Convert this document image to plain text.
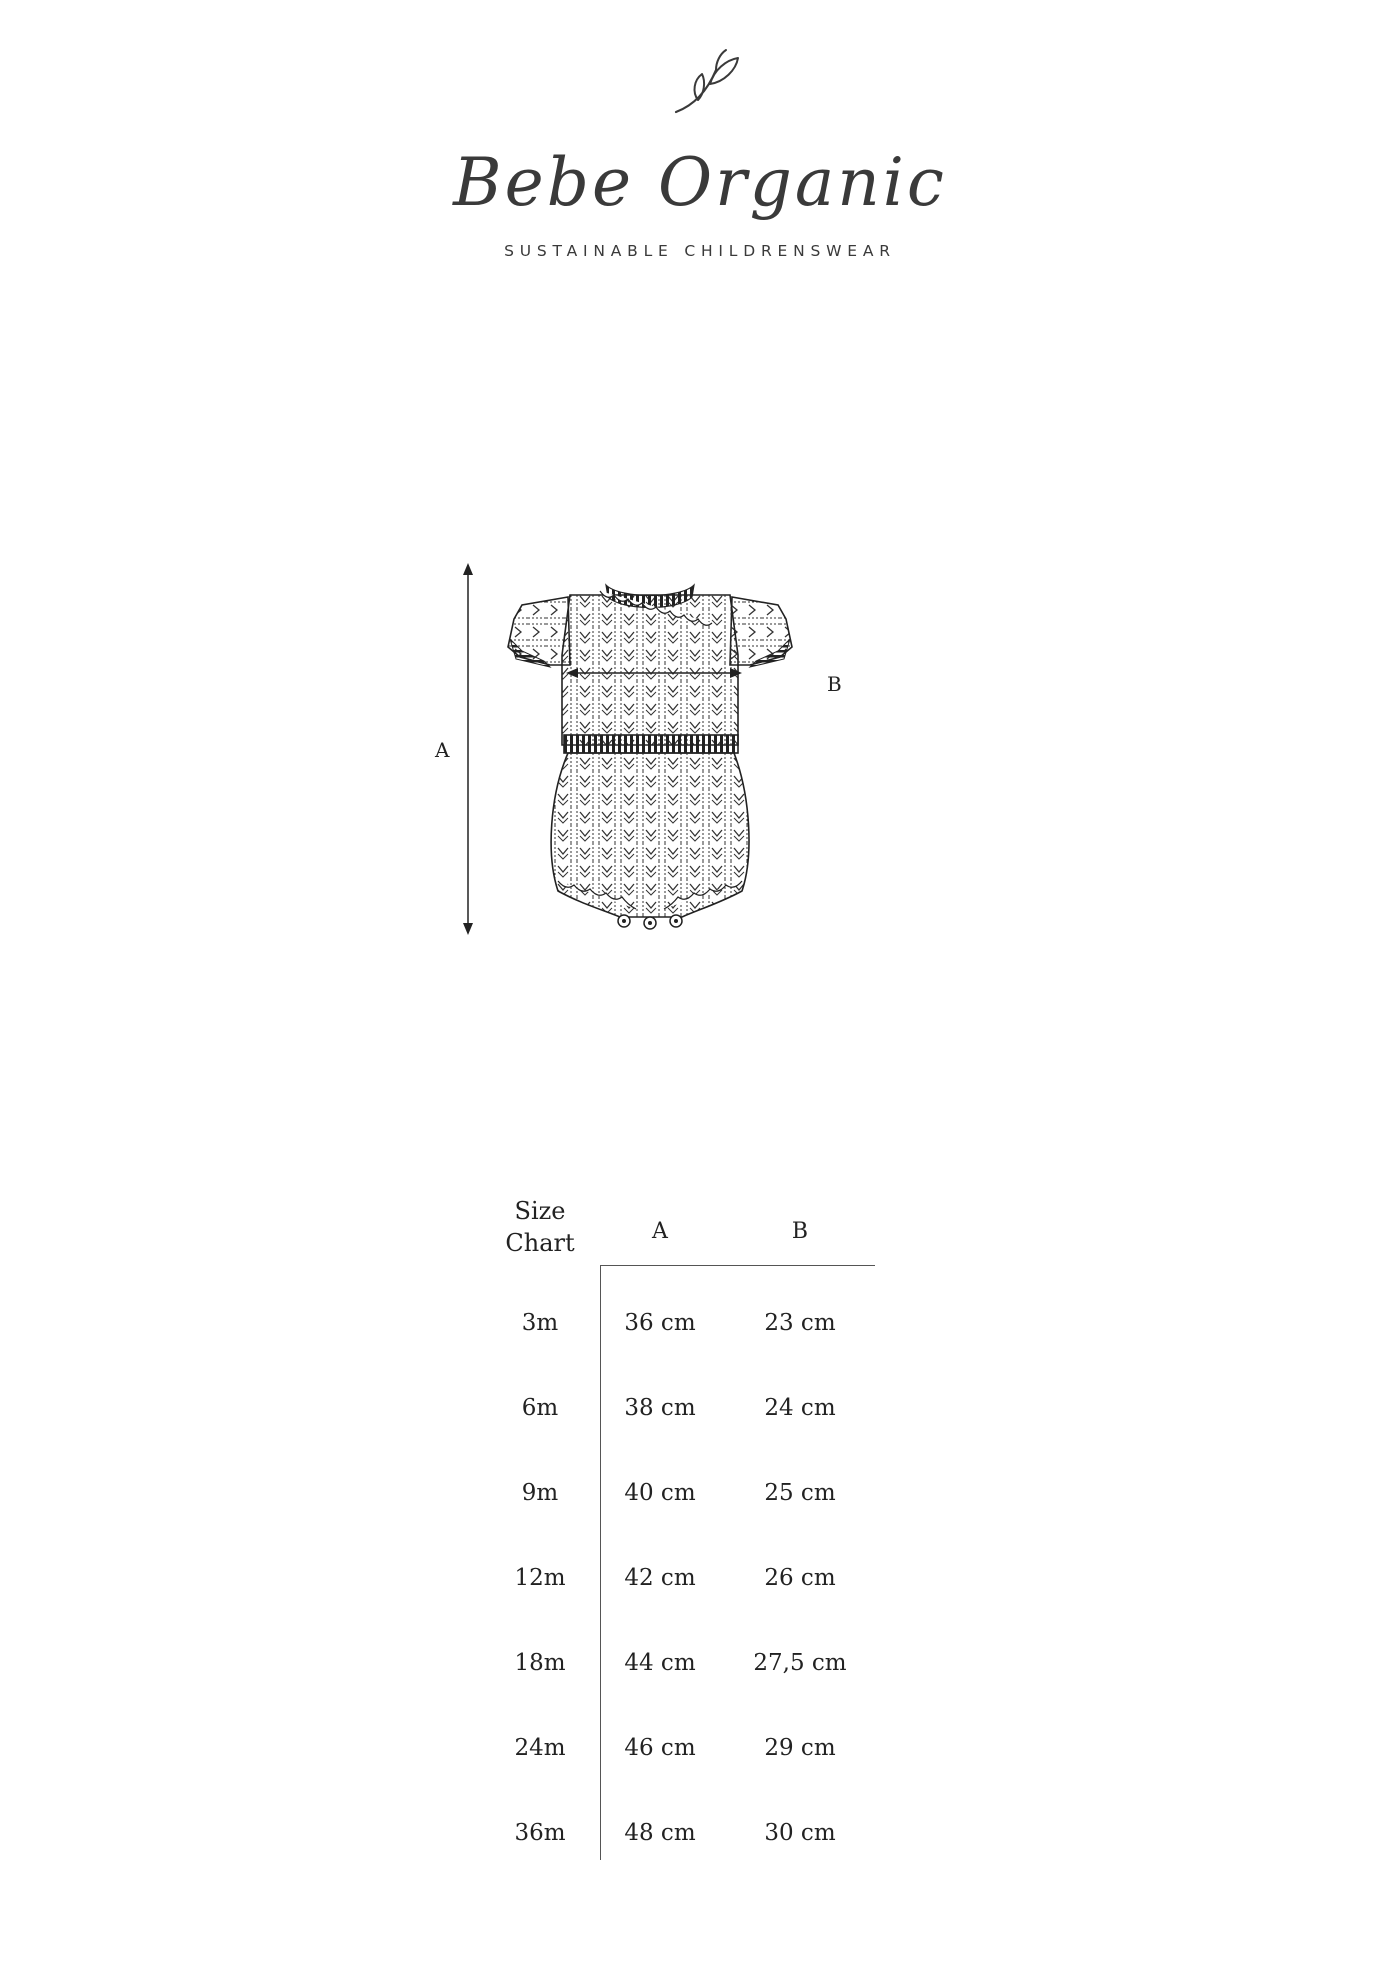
Bebe Organic
SUSTAINABLE CHILDRENSWEAR
A
B
Size
Chart	A	B
3m	36 cm	23 cm
6m	38 cm	24 cm
9m	40 cm	25 cm
12m	42 cm	26 cm
18m	44 cm	27,5 cm
24m	46 cm	29 cm
36m	48 cm	30 cm
